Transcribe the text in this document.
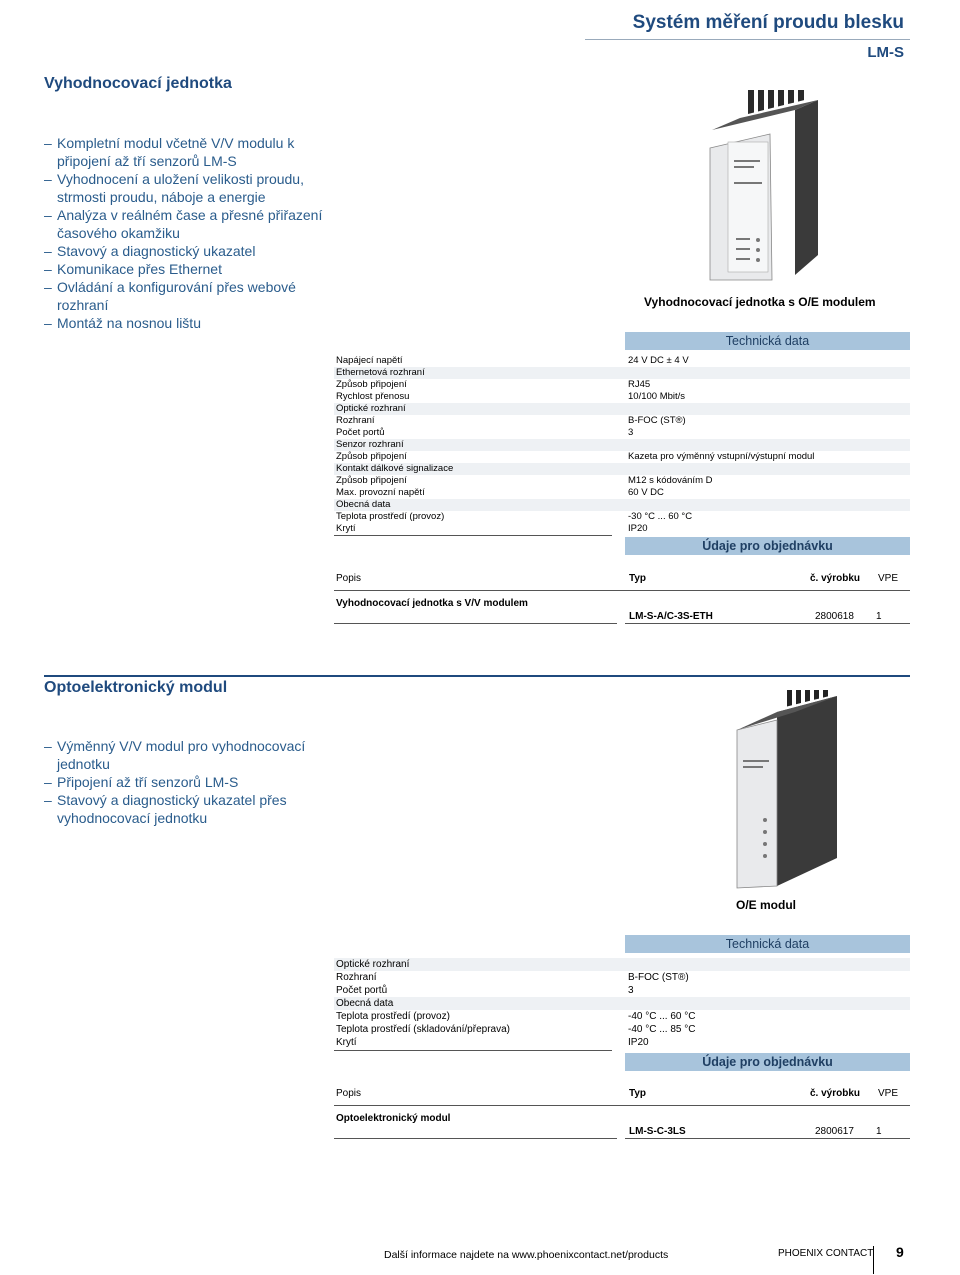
Systém měření proudu blesku
LM-S
Vyhodnocovací jednotka
– Kompletní modul včetně V/V modulu k připojení až tří senzorů LM-S
– Vyhodnocení a uložení velikosti proudu, strmosti proudu, náboje a energie
– Analýza v reálném čase a přesné přiřazení časového okamžiku
– Stavový a diagnostický ukazatel
– Komunikace přes Ethernet
– Ovládání a konfigurování přes webové rozhraní
– Montáž na nosnou lištu
Vyhodnocovací jednotka s O/E modulem
Technická data
Napájecí napětí	24 V DC ± 4 V
Ethernetová rozhraní
Způsob připojení	RJ45
Rychlost přenosu	10/100 Mbit/s
Optické rozhraní
Rozhraní	B-FOC (ST®)
Počet portů	3
Senzor rozhraní
Způsob připojení	Kazeta pro výměnný vstupní/výstupní modul
Kontakt dálkové signalizace
Způsob připojení	M12 s kódováním D
Max. provozní napětí	60 V DC
Obecná data
Teplota prostředí (provoz)	-30 °C ... 60 °C
Krytí	IP20
Údaje pro objednávku
Popis	Typ	č. výrobku VPE
Vyhodnocovací jednotka s V/V modulem
LM-S-A/C-3S-ETH	2800618 1
Optoelektronický modul
– Výměnný V/V modul pro vyhodnocovací jednotku
– Připojení až tří senzorů LM-S
– Stavový a diagnostický ukazatel přes vyhodnocovací jednotku
O/E modul
Technická data
Optické rozhraní
Rozhraní	B-FOC (ST®)
Počet portů	3
Obecná data
Teplota prostředí (provoz)	-40 °C ... 60 °C
Teplota prostředí (skladování/přeprava)	-40 °C ... 85 °C
Krytí	IP20
Údaje pro objednávku
Popis	Typ	č. výrobku VPE
Optoelektronický modul
LM-S-C-3LS	2800617 1
Další informace najdete na www.phoenixcontact.net/products	PHOENIX CONTACT 9
